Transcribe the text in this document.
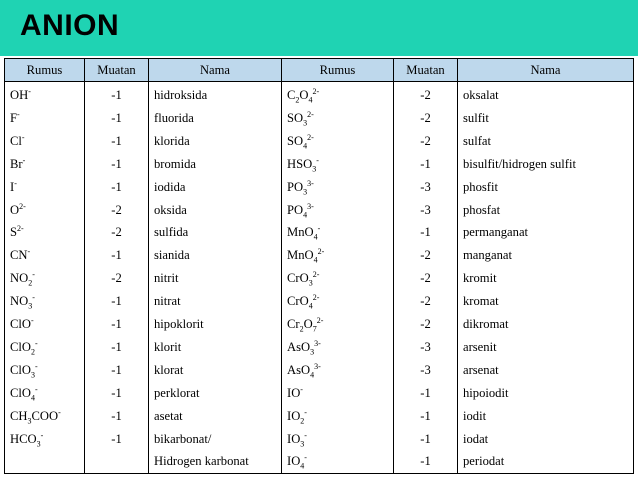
ANION
Rumus	Muatan	Nama	Rumus	Muatan	Nama
OH-	-1	hidroksida	$C_2O_4^{2-}$	-2	oksalat
F-	-1	fluorida	$SO_3^{2-}$	-2	sulfit
Cl-	-1	klorida	$SO_4^{2-}$	-2	sulfat
Br-	-1	bromida	$HSO_3^-$	-1	bisulfit/hidrogen sulfit
I-	-1	iodida	$PO_3^{3-}$	-3	phosfit
$O^{2-}$	-2	oksida	$PO_4^{3-}$	-3	phosfat
$S^{2-}$	-2	sulfida	MnO$_4$-	-1	permanganat
CN-	-1	sianida	MnO$_4^{2-}$	-2	manganat
$NO_2^-$	-2	nitrit	CrO$_3^{2-}$	-2	kromit
$NO_3^-$	-1	nitrat	CrO$_4^{2-}$	-2	kromat
ClO-	-1	hipoklorit	$Cr_2O_7^{2-}$	-2	dikromat
ClO$_2$-	-1	klorit	AsO$_3^{3-}$	-3	arsenit
ClO$_3$-	-1	klorat	AsO$_4^{3-}$	-3	arsenat
ClO$_4$-	-1	perklorat	IO-	-1	hipoiodit
$CH_3COO^-$	-1	asetat	$IO_2^-$	-1	iodit
$HCO_3^-$	-1	bikarbonat/	$IO_3^-$	-1	iodat
		Hidrogen karbonat	$IO_4^-$	-1	periodat
